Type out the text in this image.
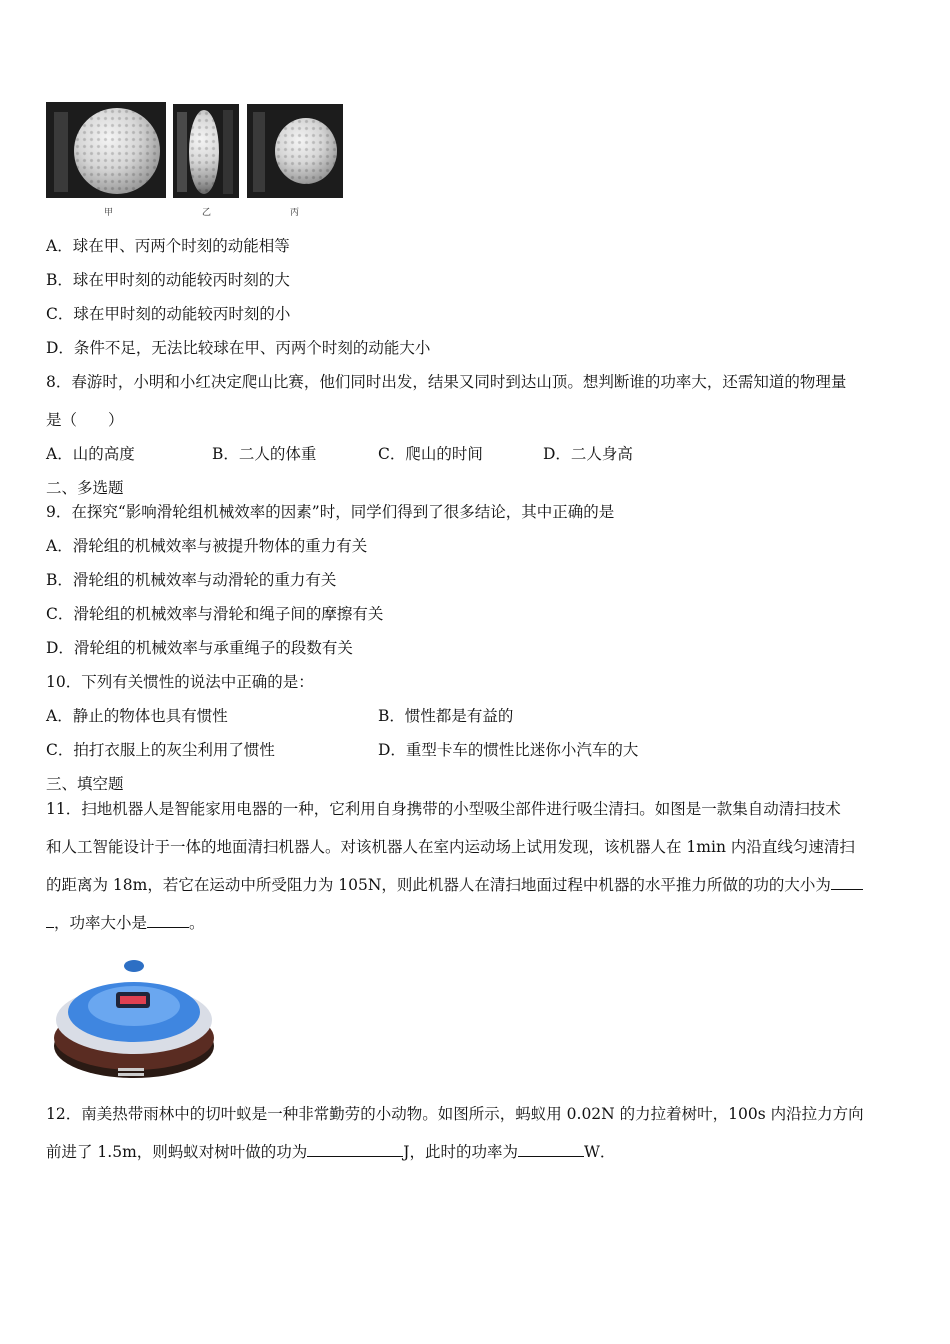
甲	乙	丙
A．球在甲、丙两个时刻的动能相等
B．球在甲时刻的动能较丙时刻的大
C．球在甲时刻的动能较丙时刻的小
D．条件不足，无法比较球在甲、丙两个时刻的动能大小
8．春游时，小明和小红决定爬山比赛，他们同时出发，结果又同时到达山顶。想判断谁的功率大，还需知道的物理量
是（　　）
A．山的高度	B．二人的体重	C．爬山的时间	D．二人身高
二、多选题
9．在探究“影响滑轮组机械效率的因素”时，同学们得到了很多结论，其中正确的是
A．滑轮组的机械效率与被提升物体的重力有关
B．滑轮组的机械效率与动滑轮的重力有关
C．滑轮组的机械效率与滑轮和绳子间的摩擦有关
D．滑轮组的机械效率与承重绳子的段数有关
10．下列有关惯性的说法中正确的是：
A．静止的物体也具有惯性	B．惯性都是有益的
C．拍打衣服上的灰尘利用了惯性	D．重型卡车的惯性比迷你小汽车的大
三、填空题
11．扫地机器人是智能家用电器的一种，它利用自身携带的小型吸尘部件进行吸尘清扫。如图是一款集自动清扫技术
和人工智能设计于一体的地面清扫机器人。对该机器人在室内运动场上试用发现，该机器人在 1min 内沿直线匀速清扫
的距离为 18m，若它在运动中所受阻力为 105N，则此机器人在清扫地面过程中机器的水平推力所做的功的大小为
，功率大小是	。
12．南美热带雨林中的切叶蚁是一种非常勤劳的小动物。如图所示，蚂蚁用 0.02N 的力拉着树叶，100s 内沿拉力方向
前进了 1.5m，则蚂蚁对树叶做的功为	J，此时的功率为	W．
